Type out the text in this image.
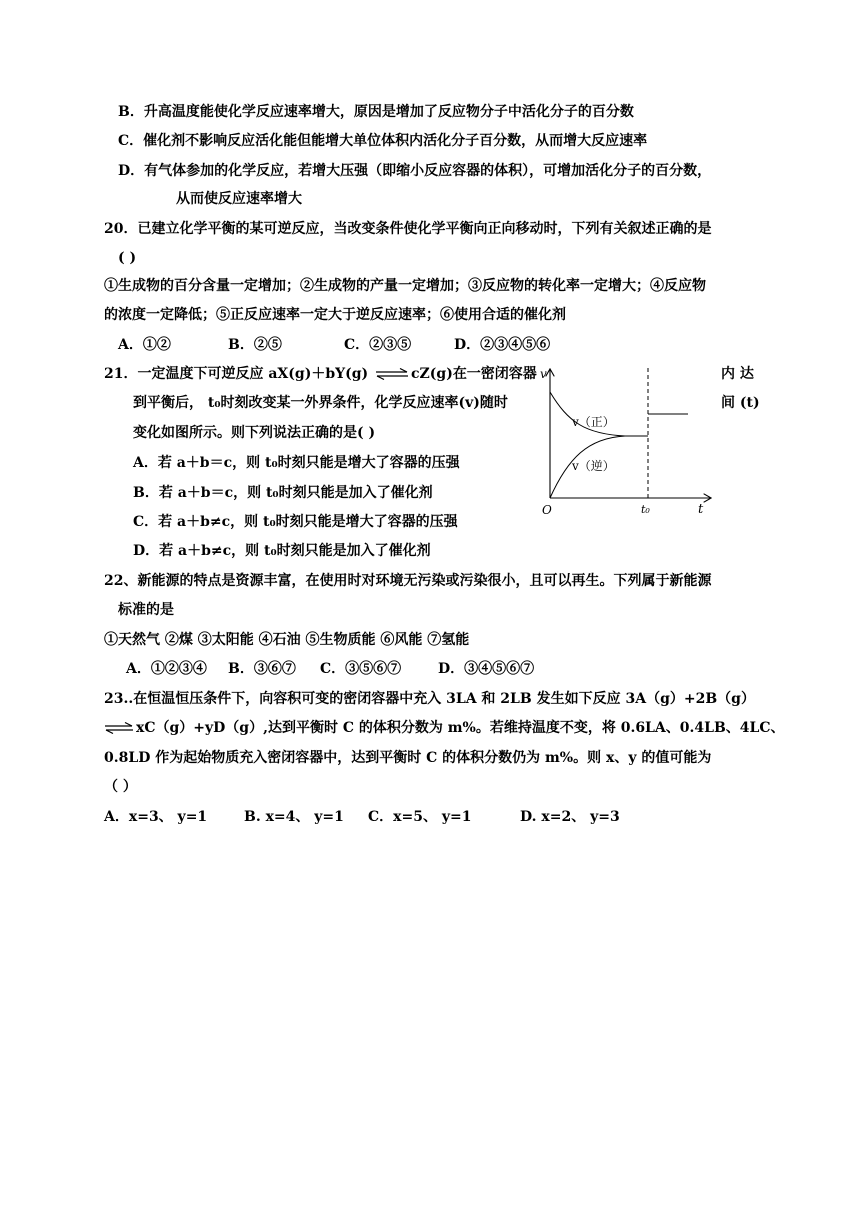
B．升高温度能使化学反应速率增大，原因是增加了反应物分子中活化分子的百分数
C．催化剂不影响反应活化能但能增大单位体积内活化分子百分数，从而增大反应速率
D．有气体参加的化学反应，若增大压强（即缩小反应容器的体积），可增加活化分子的百分数，
从而使反应速率增大
20．已建立化学平衡的某可逆反应，当改变条件使化学平衡向正向移动时，下列有关叙述正确的是
( )
①生成物的百分含量一定增加；②生成物的产量一定增加；③反应物的转化率一定增大；④反应物
的浓度一定降低；⑤正反应速率一定大于逆反应速率；⑥使用合适的催化剂
A．①②	B．②⑤	C．②③⑤	D．②③④⑤⑥
21．一定温度下可逆反应 aX(g)＋bY(g) ⇌ cZ(g)在一密闭容器	内 达
到平衡后， t₀时刻改变某一外界条件，化学反应速率(v)随时	间 (t)
变化如图所示。则下列说法正确的是( )
A．若 a＋b＝c，则 t₀时刻只能是增大了容器的压强
B．若 a＋b＝c，则 t₀时刻只能是加入了催化剂
C．若 a＋b≠c，则 t₀时刻只能是增大了容器的压强
D．若 a＋b≠c，则 t₀时刻只能是加入了催化剂
v
t
O	t₀
v（正）
v（逆）
22、新能源的特点是资源丰富，在使用时对环境无污染或污染很小，且可以再生。下列属于新能源
标准的是
①天然气 ②煤 ③太阳能 ④石油 ⑤生物质能 ⑥风能 ⑦氢能
A．①②③④ B．③⑥⑦ C．③⑤⑥⑦	D．③④⑤⑥⑦
23..在恒温恒压条件下，向容积可变的密闭容器中充入 3LA 和 2LB 发生如下反应 3A（g）+2B（g）
⇌ xC（g）+yD（g）,达到平衡时 C 的体积分数为 m%。若维持温度不变，将 0.6LA、0.4LB、4LC、
0.8LD 作为起始物质充入密闭容器中，达到平衡时 C 的体积分数仍为 m%。则 x、y 的值可能为
（ ）
A．x=3、 y=1	B. x=4、 y=1 C．x=5、 y=1	D. x=2、 y=3
